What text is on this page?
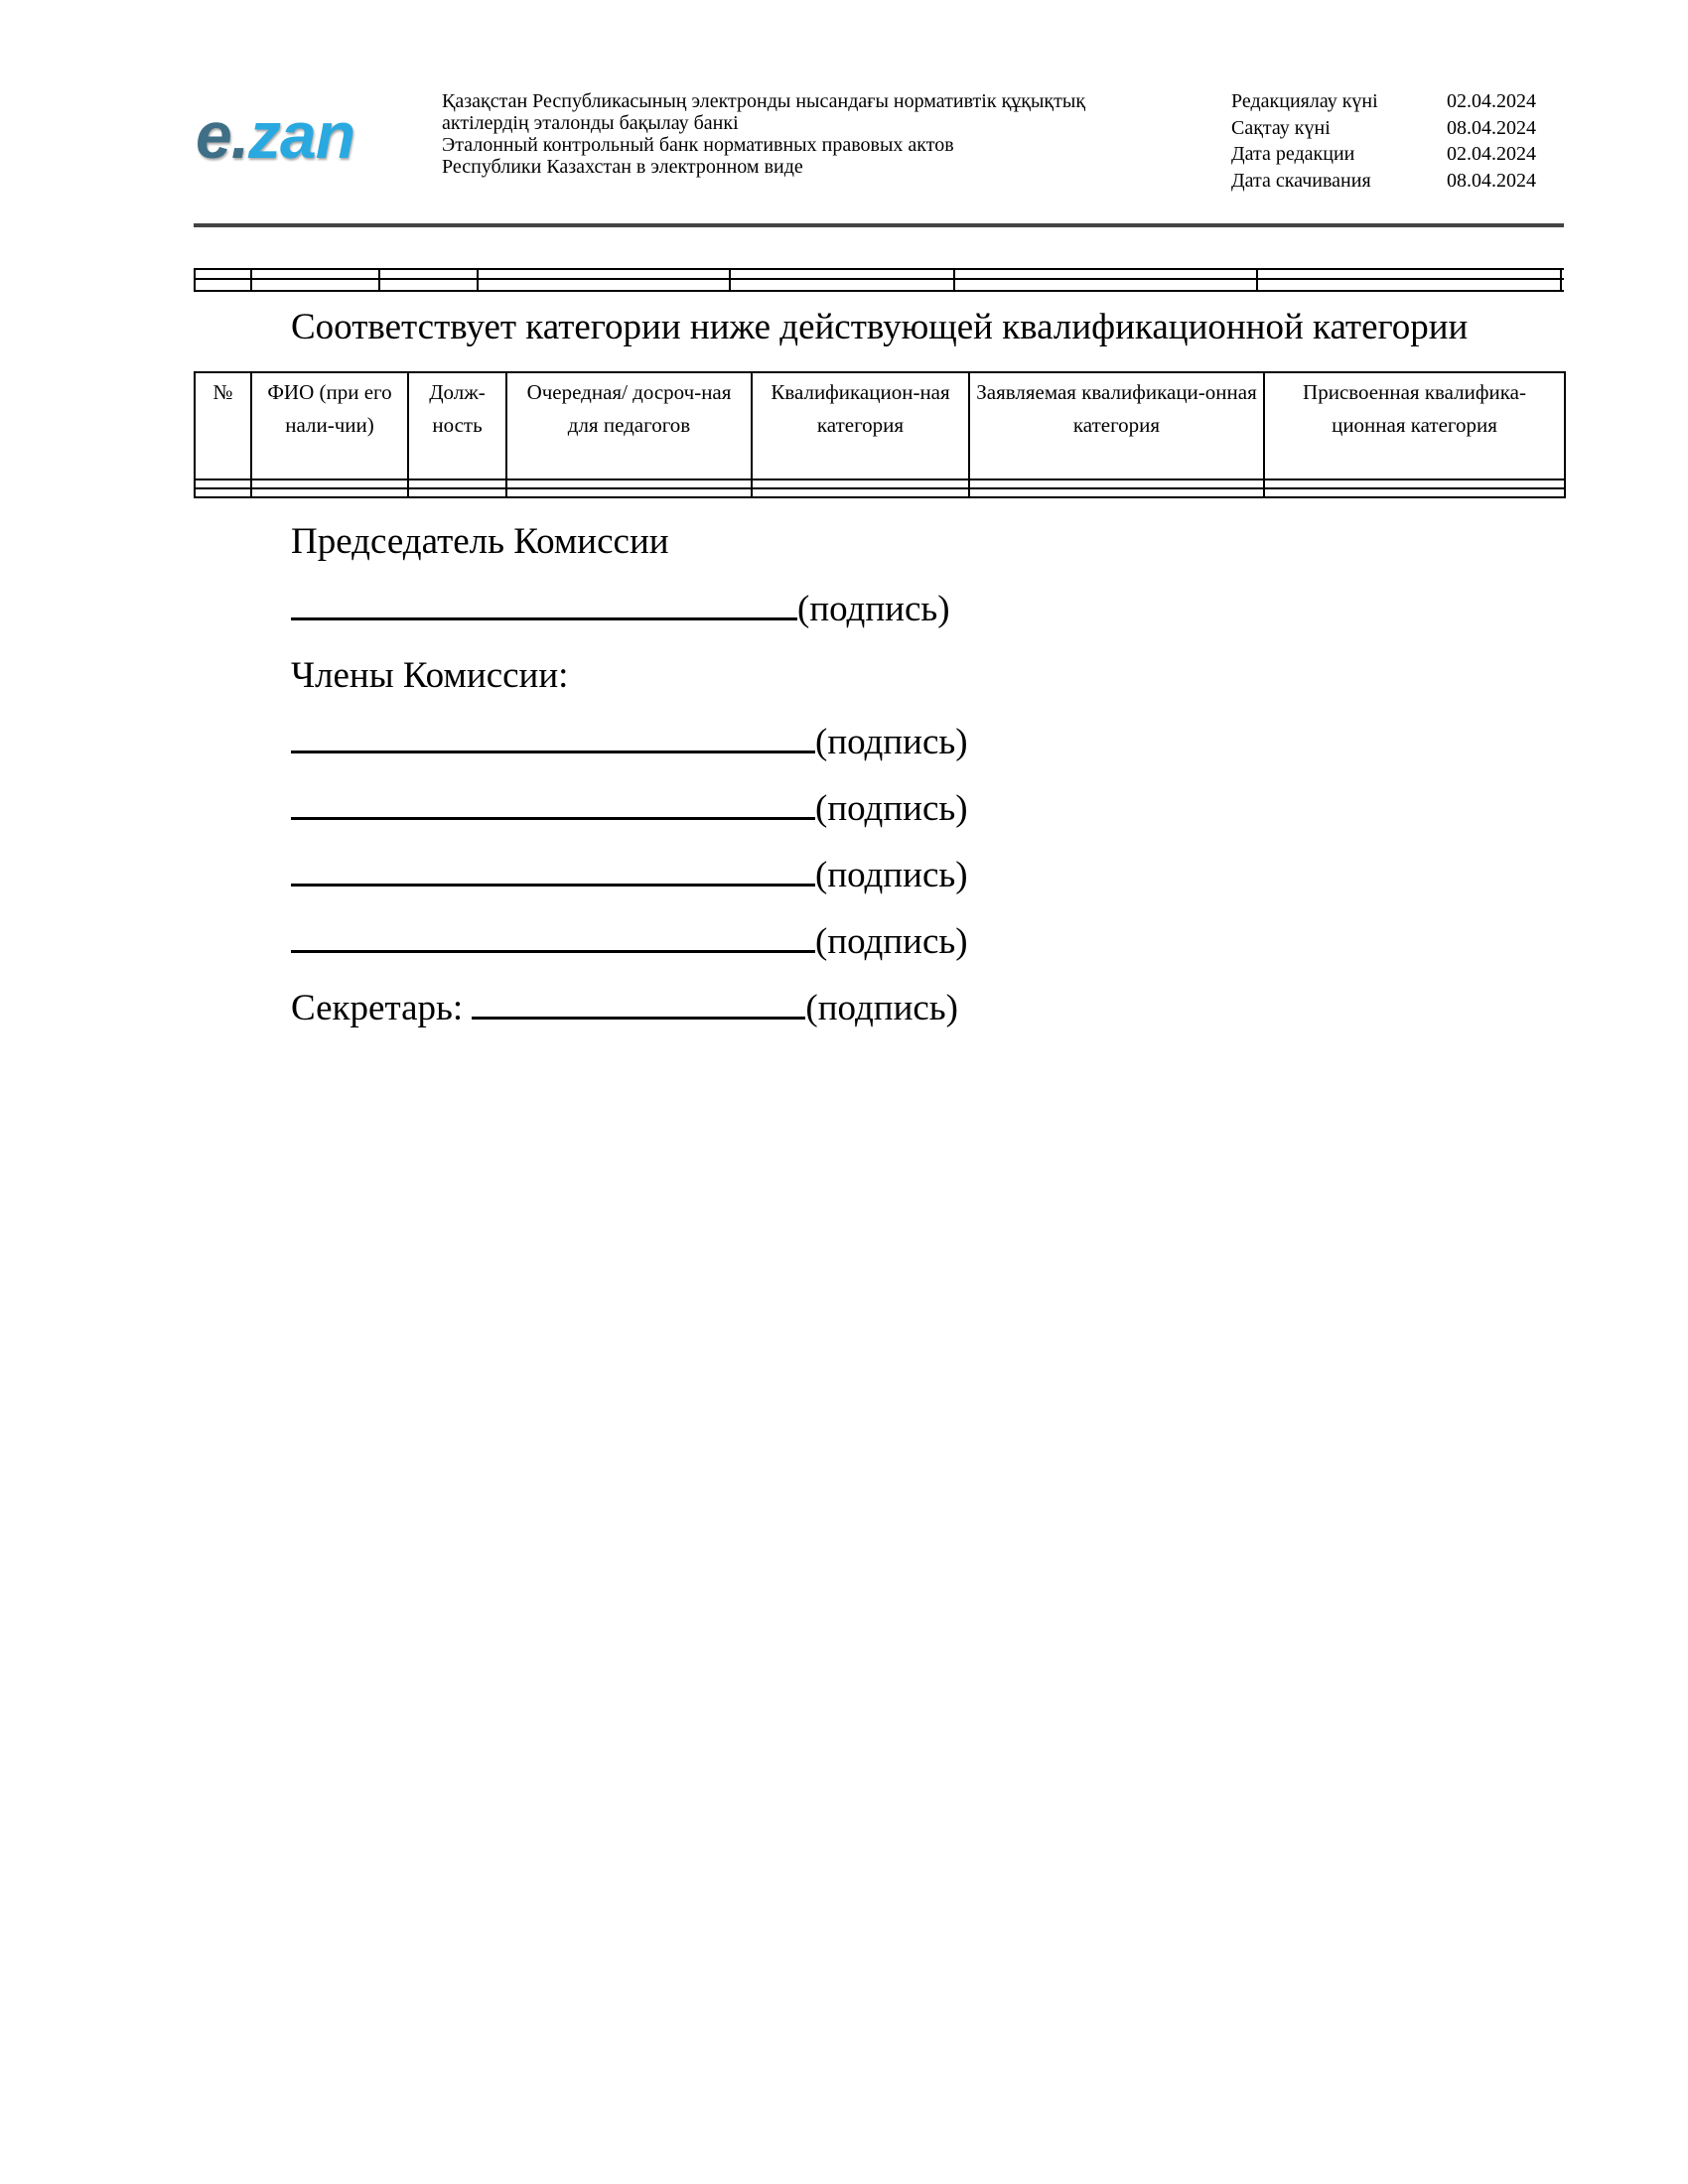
e.zan	Қазақстан Республикасының электронды нысандағы нормативтік құқықтық
актілердің эталонды бақылау банкі
Эталонный контрольный банк нормативных правовых актов
Республики Казахстан в электронном виде
Редакциялау күні	02.04.2024
Сақтау күні	08.04.2024
Дата редакции	02.04.2024
Дата скачивания	08.04.2024
Соответствует категории ниже действующей квалификационной категории
№	ФИО (при его нали-чии)	Долж-ность	Очередная/ досроч-ная для педагогов	Квалификацион-ная категория	Заявляемая квалификаци-онная категория	Присвоенная квалифика-ционная категория

Председатель Комиссии
(подпись)
Члены Комиссии:
(подпись)
(подпись)
(подпись)
(подпись)
Секретарь:	(подпись)
